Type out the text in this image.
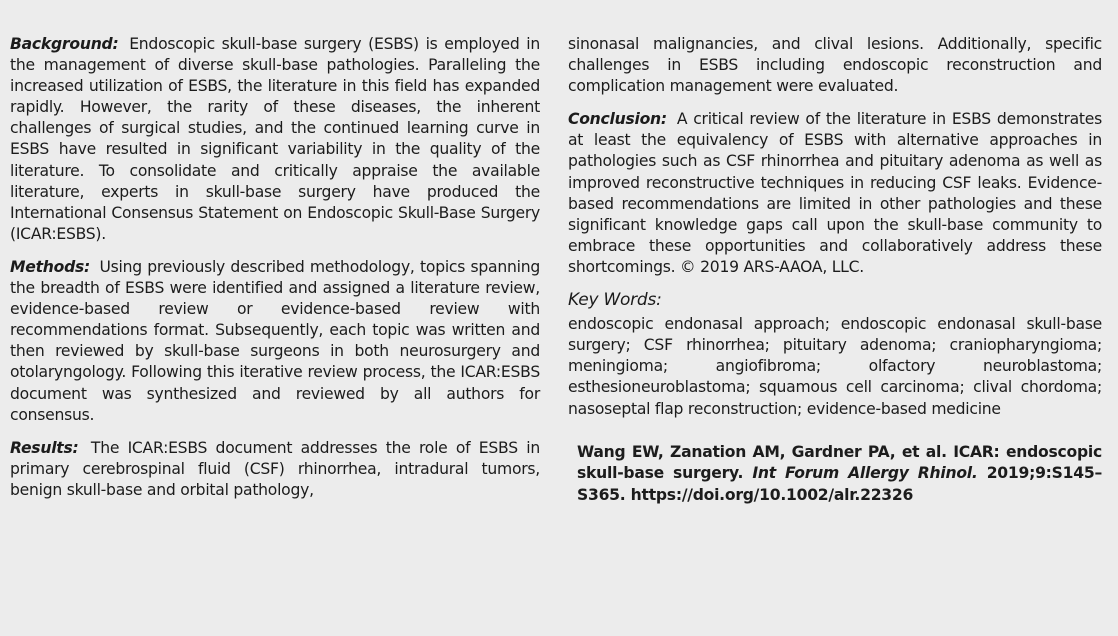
Background: Endoscopic skull-base surgery (ESBS) is employed in the management of diverse skull-base pathologies. Paralleling the increased utilization of ESBS, the literature in this field has expanded rapidly. However, the rarity of these diseases, the inherent challenges of surgical studies, and the continued learning curve in ESBS have resulted in significant variability in the quality of the literature. To consolidate and critically appraise the available literature, experts in skull-base surgery have produced the International Consensus Statement on Endoscopic Skull-Base Surgery (ICAR:ESBS).

Methods: Using previously described methodology, topics spanning the breadth of ESBS were identified and assigned a literature review, evidence-based review or evidence-based review with recommendations format. Subsequently, each topic was written and then reviewed by skull-base surgeons in both neurosurgery and otolaryngology. Following this iterative review process, the ICAR:ESBS document was synthesized and reviewed by all authors for consensus.

Results: The ICAR:ESBS document addresses the role of ESBS in primary cerebrospinal fluid (CSF) rhinorrhea, intradural tumors, benign skull-base and orbital pathology,

sinonasal malignancies, and clival lesions. Additionally, specific challenges in ESBS including endoscopic reconstruction and complication management were evaluated.

Conclusion: A critical review of the literature in ESBS demonstrates at least the equivalency of ESBS with alternative approaches in pathologies such as CSF rhinorrhea and pituitary adenoma as well as improved reconstructive techniques in reducing CSF leaks. Evidence-based recommendations are limited in other pathologies and these significant knowledge gaps call upon the skull-base community to embrace these opportunities and collaboratively address these shortcomings. © 2019 ARS-AAOA, LLC.

Key Words:
endoscopic endonasal approach; endoscopic endonasal skull-base surgery; CSF rhinorrhea; pituitary adenoma; craniopharyngioma; meningioma; angiofibroma; olfactory neuroblastoma; esthesioneuroblastoma; squamous cell carcinoma; clival chordoma; nasoseptal flap reconstruction; evidence-based medicine
Wang EW, Zanation AM, Gardner PA, et al. ICAR: endoscopic skull-base surgery. Int Forum Allergy Rhinol. 2019;9:S145–S365. https://doi.org/10.1002/alr.22326
